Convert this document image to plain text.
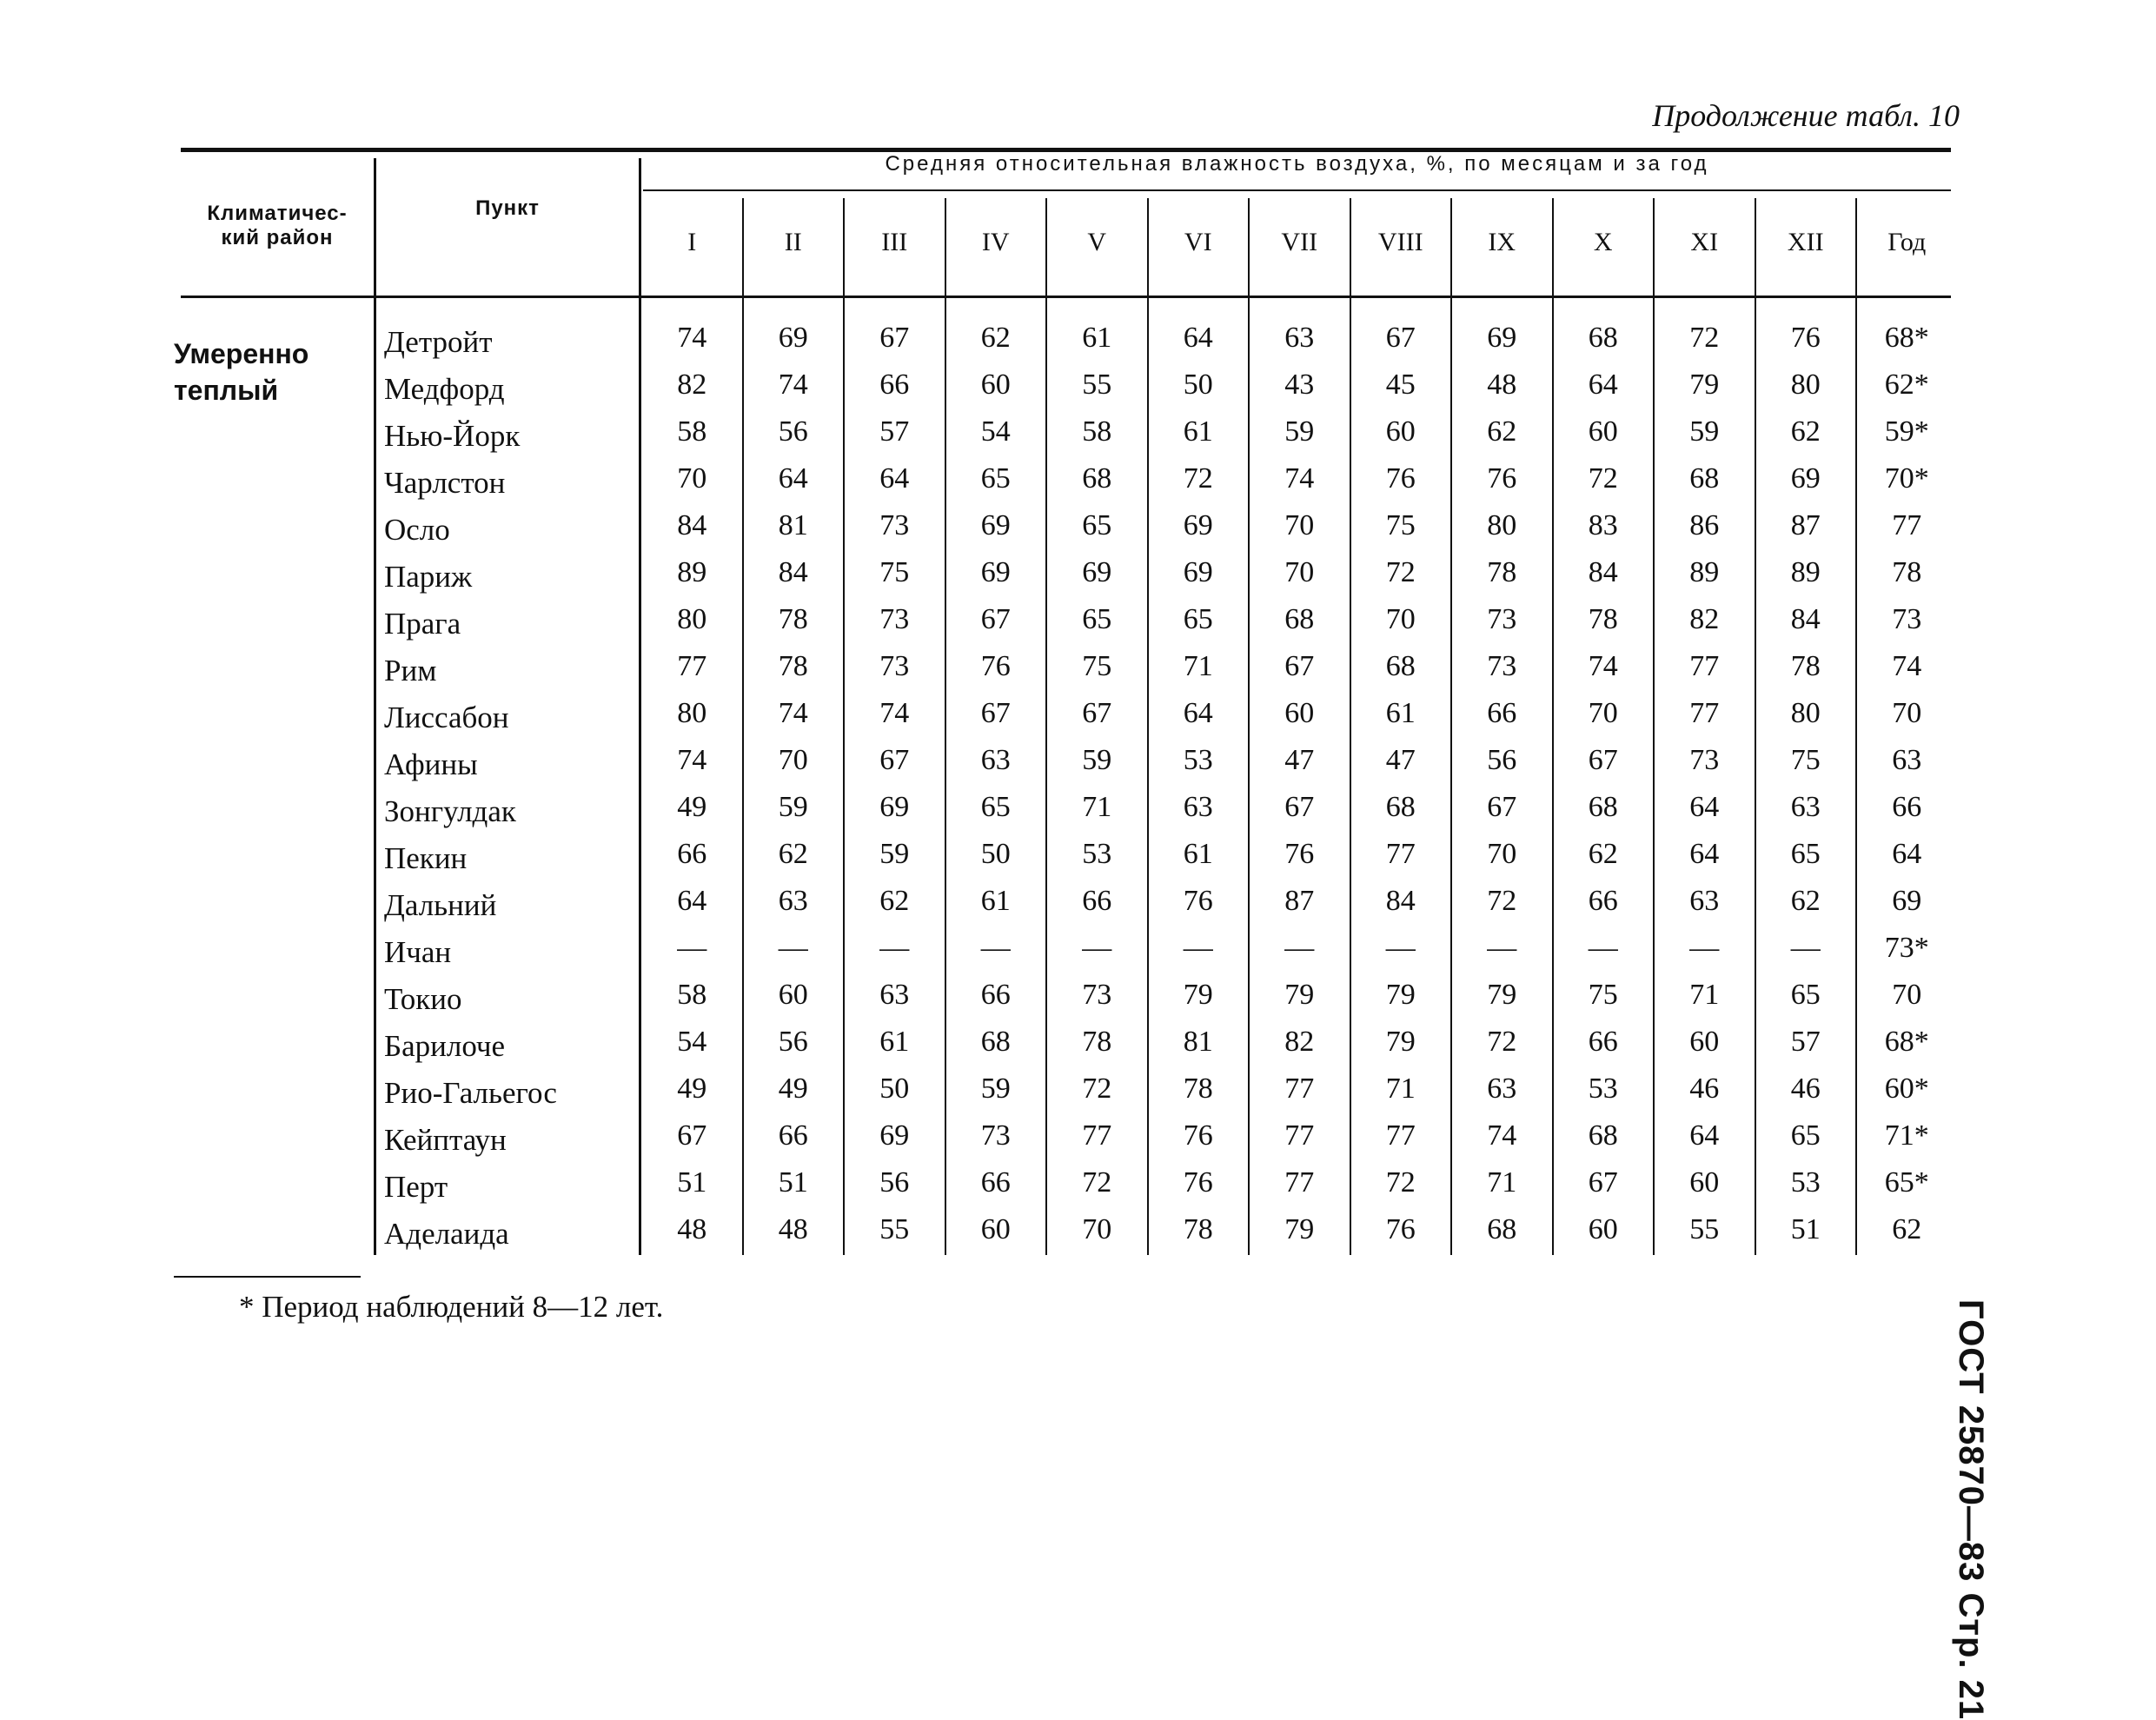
Продолжение табл. 10
Климатичес-
кий район
Пункт
Средняя относительная влажность воздуха, %, по месяцам и за год
I	II	III	IV	V	VI	VII	VIII	IX	X	XI	XII	Год
Умеренно
теплый
Детройт	74	69	67	62	61	64	63	67	69	68	72	76	68*
Медфорд	82	74	66	60	55	50	43	45	48	64	79	80	62*
Нью-Йорк	58	56	57	54	58	61	59	60	62	60	59	62	59*
Чарлстон	70	64	64	65	68	72	74	76	76	72	68	69	70*
Осло	84	81	73	69	65	69	70	75	80	83	86	87	77
Париж	89	84	75	69	69	69	70	72	78	84	89	89	78
Прага	80	78	73	67	65	65	68	70	73	78	82	84	73
Рим	77	78	73	76	75	71	67	68	73	74	77	78	74
Лиссабон	80	74	74	67	67	64	60	61	66	70	77	80	70
Афины	74	70	67	63	59	53	47	47	56	67	73	75	63
Зонгулдак	49	59	69	65	71	63	67	68	67	68	64	63	66
Пекин	66	62	59	50	53	61	76	77	70	62	64	65	64
Дальний	64	63	62	61	66	76	87	84	72	66	63	62	69
Ичан	—	—	—	—	—	—	—	—	—	—	—	—	73*
Токио	58	60	63	66	73	79	79	79	79	75	71	65	70
Барилоче	54	56	61	68	78	81	82	79	72	66	60	57	68*
Рио-Гальегос	49	49	50	59	72	78	77	71	63	53	46	46	60*
Кейптаун	67	66	69	73	77	76	77	77	74	68	64	65	71*
Перт	51	51	56	66	72	76	77	72	71	67	60	53	65*
Аделаида	48	48	55	60	70	78	79	76	68	60	55	51	62
* Период наблюдений 8—12 лет.	ГОСТ 25870—83 Стр. 21
